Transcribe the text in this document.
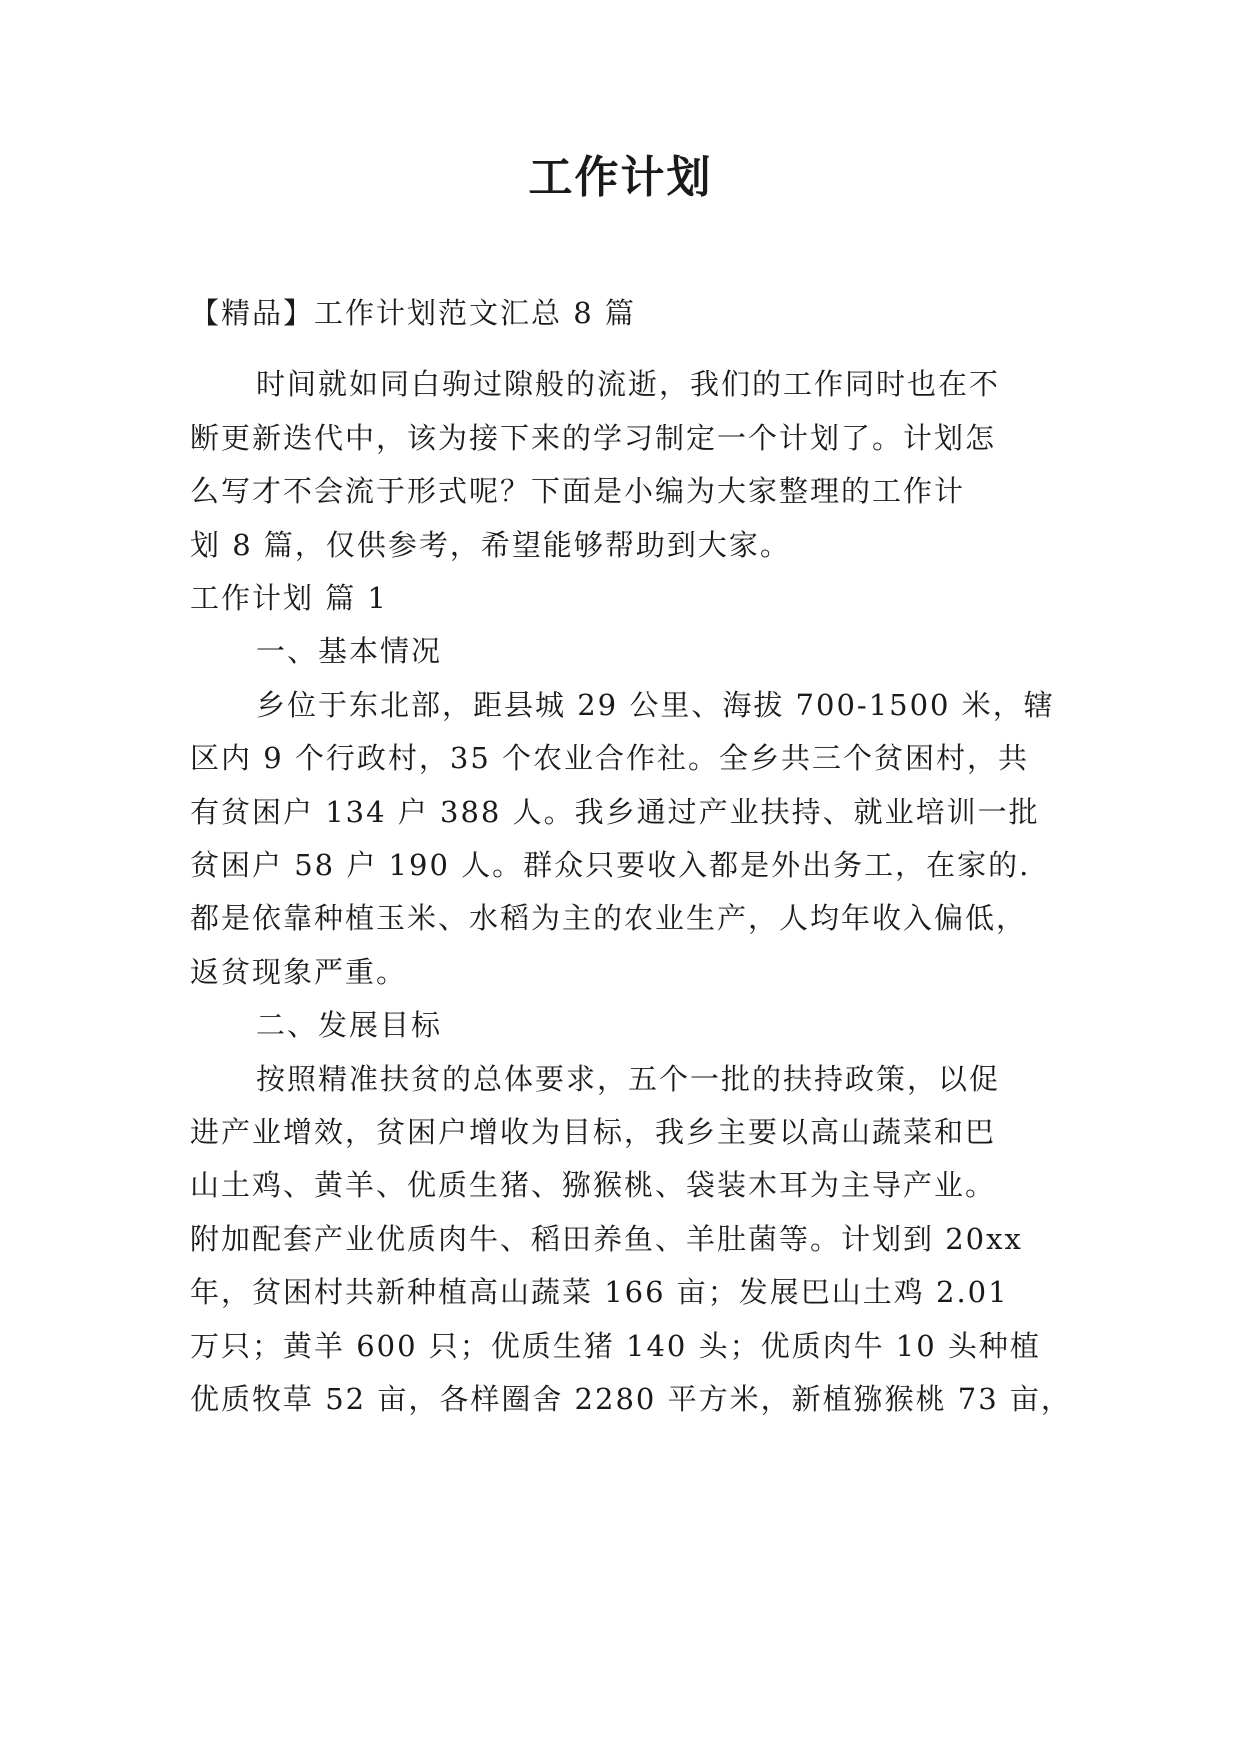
工作计划
【精品】工作计划范文汇总 8 篇
时间就如同白驹过隙般的流逝，我们的工作同时也在不
断更新迭代中，该为接下来的学习制定一个计划了。计划怎
么写才不会流于形式呢？下面是小编为大家整理的工作计
划 8 篇，仅供参考，希望能够帮助到大家。
工作计划 篇 1
一、基本情况
乡位于东北部，距县城 29 公里、海拔 700-1500 米，辖
区内 9 个行政村，35 个农业合作社。全乡共三个贫困村，共
有贫困户 134 户 388 人。我乡通过产业扶持、就业培训一批
贫困户 58 户 190 人。群众只要收入都是外出务工，在家的.
都是依靠种植玉米、水稻为主的农业生产，人均年收入偏低，
返贫现象严重。
二、发展目标
按照精准扶贫的总体要求，五个一批的扶持政策，以促
进产业增效，贫困户增收为目标，我乡主要以高山蔬菜和巴
山土鸡、黄羊、优质生猪、猕猴桃、袋装木耳为主导产业。
附加配套产业优质肉牛、稻田养鱼、羊肚菌等。计划到 20xx
年，贫困村共新种植高山蔬菜 166 亩；发展巴山土鸡 2.01
万只；黄羊 600 只；优质生猪 140 头；优质肉牛 10 头种植
优质牧草 52 亩，各样圈舍 2280 平方米，新植猕猴桃 73 亩，
